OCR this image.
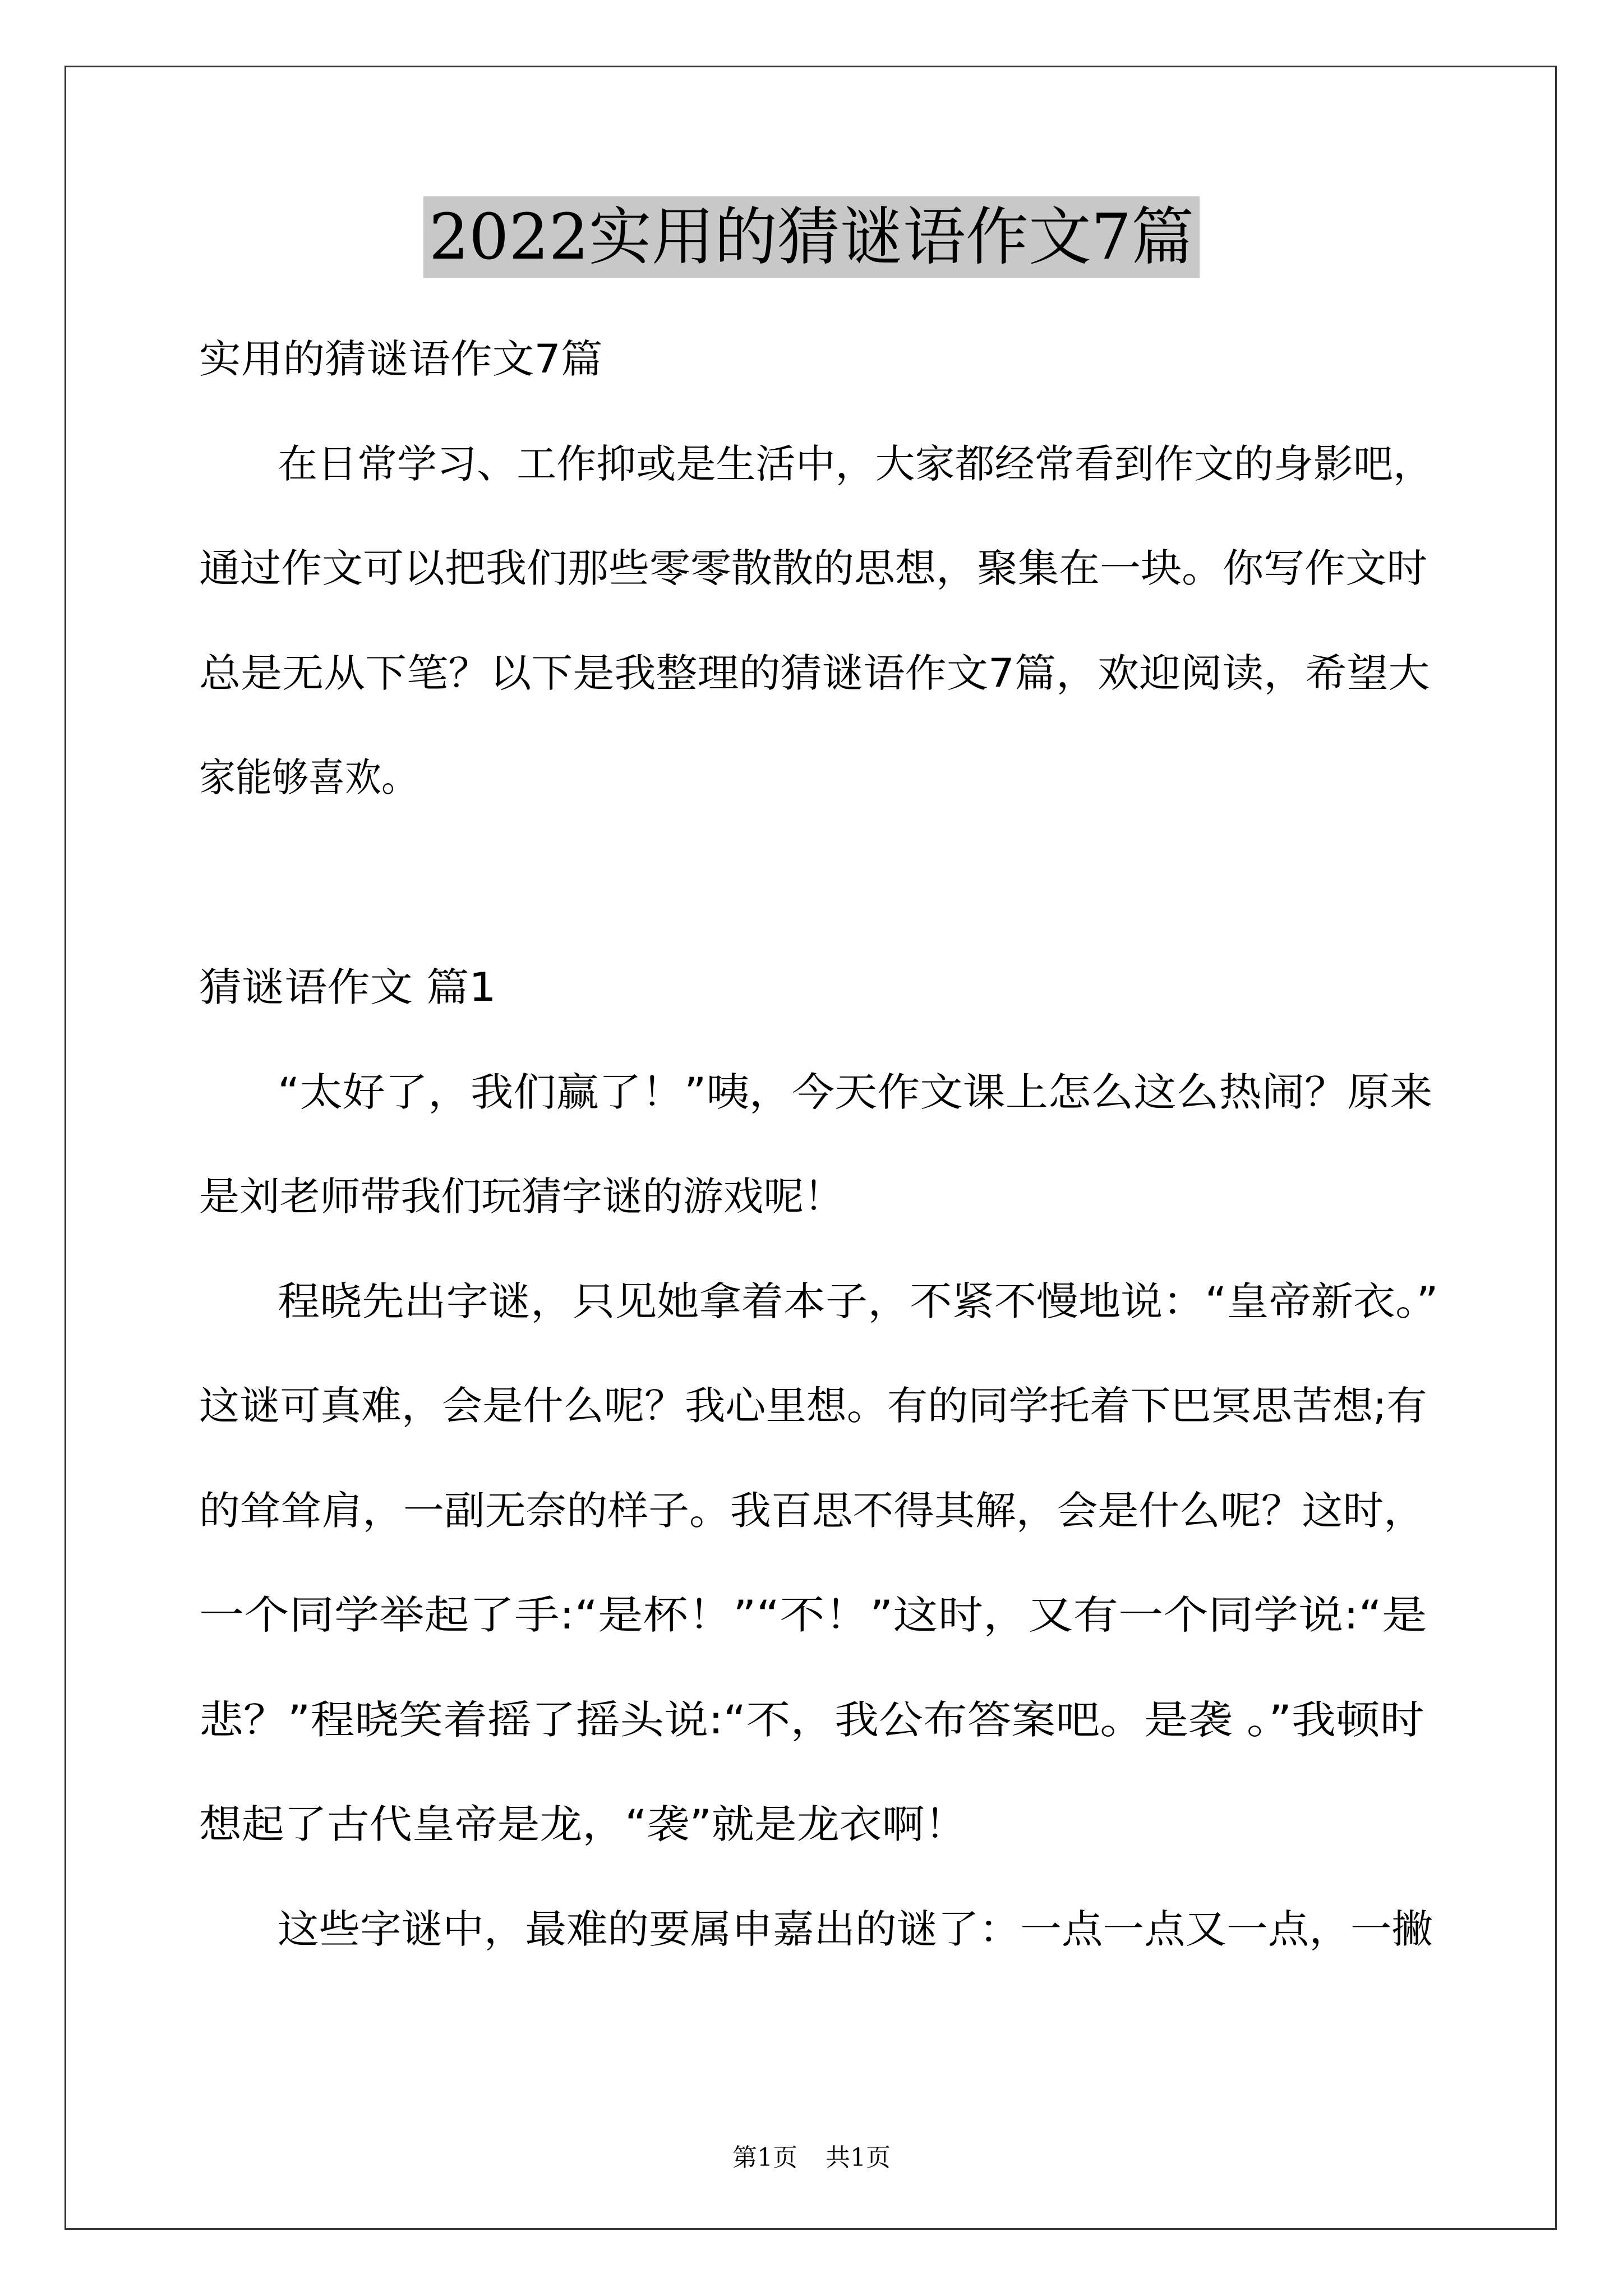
2022实用的猜谜语作文7篇
实用的猜谜语作文7篇
在日常学习、工作抑或是生活中，大家都经常看到作文的身影吧，
通过作文可以把我们那些零零散散的思想，聚集在一块。你写作文时
总是无从下笔？以下是我整理的猜谜语作文7篇，欢迎阅读，希望大
家能够喜欢。
猜谜语作文 篇1
“太好了，我们赢了！”咦，今天作文课上怎么这么热闹？原来
是刘老师带我们玩猜字谜的游戏呢！
程晓先出字谜，只见她拿着本子，不紧不慢地说：“皇帝新衣。”
这谜可真难，会是什么呢？我心里想。有的同学托着下巴冥思苦想;有
的耸耸肩，一副无奈的样子。我百思不得其解，会是什么呢？这时，
一个同学举起了手:“是杯！”“不！”这时，又有一个同学说:“是
悲？”程晓笑着摇了摇头说:“不，我公布答案吧。是袭 。”我顿时
想起了古代皇帝是龙，“袭”就是龙衣啊！
这些字谜中，最难的要属申嘉出的谜了：一点一点又一点，一撇
第1页 共1页
